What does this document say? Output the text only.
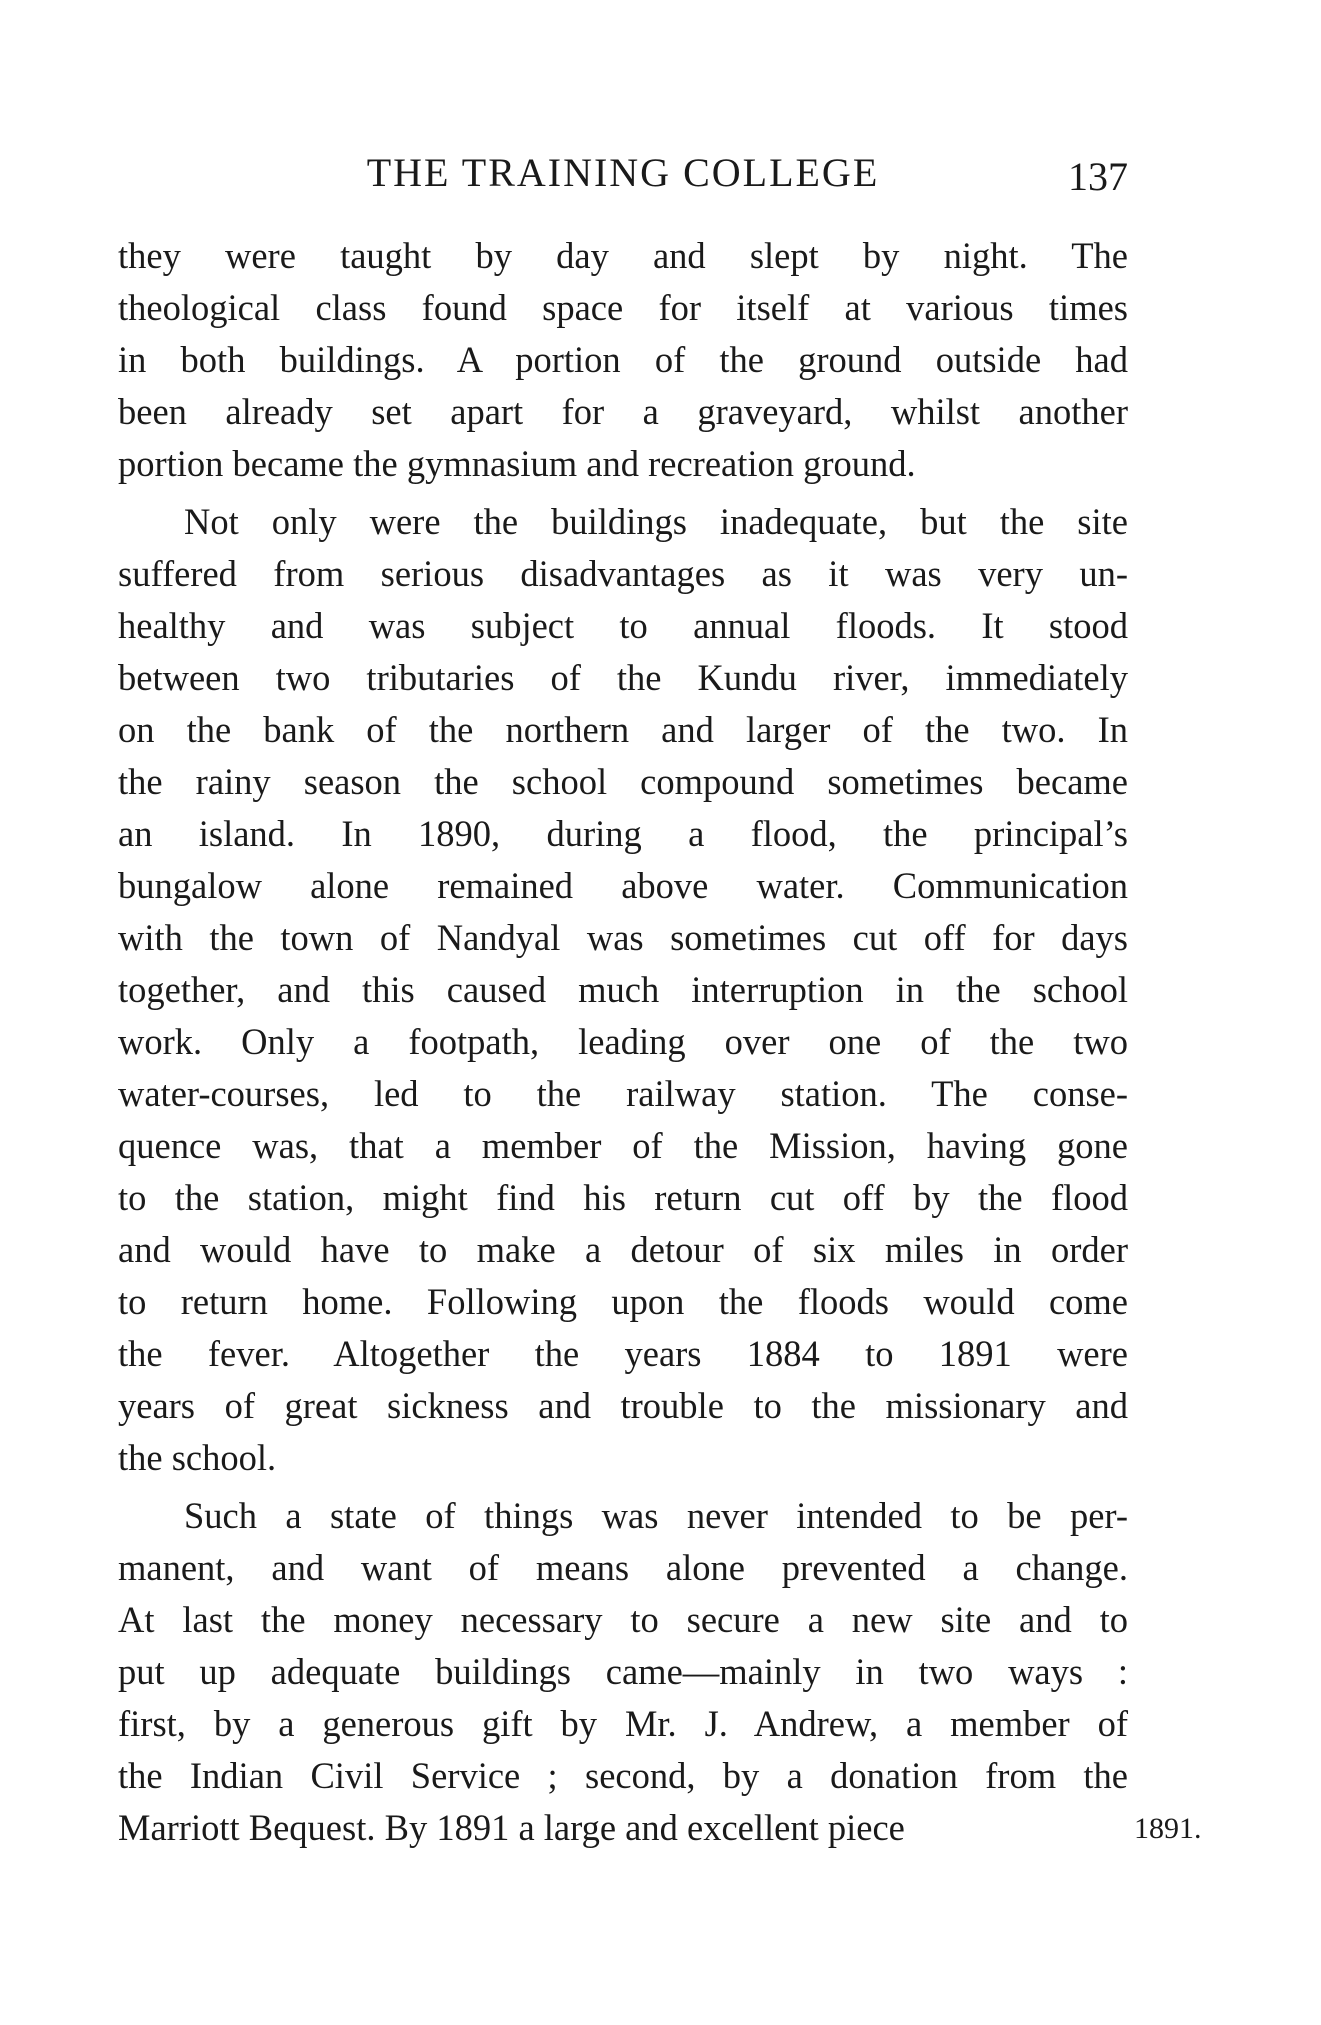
THE TRAINING COLLEGE	137
they were taught by day and slept by night. The
theological class found space for itself at various times
in both buildings. A portion of the ground outside had
been already set apart for a graveyard, whilst another
portion became the gymnasium and recreation ground.
Not only were the buildings inadequate, but the site
suffered from serious disadvantages as it was very un-
healthy and was subject to annual floods. It stood
between two tributaries of the Kundu river, immediately
on the bank of the northern and larger of the two. In
the rainy season the school compound sometimes became
an island. In 1890, during a flood, the principal’s
bungalow alone remained above water. Communication
with the town of Nandyal was sometimes cut off for days
together, and this caused much interruption in the school
work. Only a footpath, leading over one of the two
water-courses, led to the railway station. The conse-
quence was, that a member of the Mission, having gone
to the station, might find his return cut off by the flood
and would have to make a detour of six miles in order
to return home. Following upon the floods would come
the fever. Altogether the years 1884 to 1891 were
years of great sickness and trouble to the missionary and
the school.
Such a state of things was never intended to be per-
manent, and want of means alone prevented a change.
At last the money necessary to secure a new site and to
put up adequate buildings came—mainly in two ways :
first, by a generous gift by Mr. J. Andrew, a member of
the Indian Civil Service ; second, by a donation from the
Marriott Bequest. By 1891 a large and excellent piece	1891.
